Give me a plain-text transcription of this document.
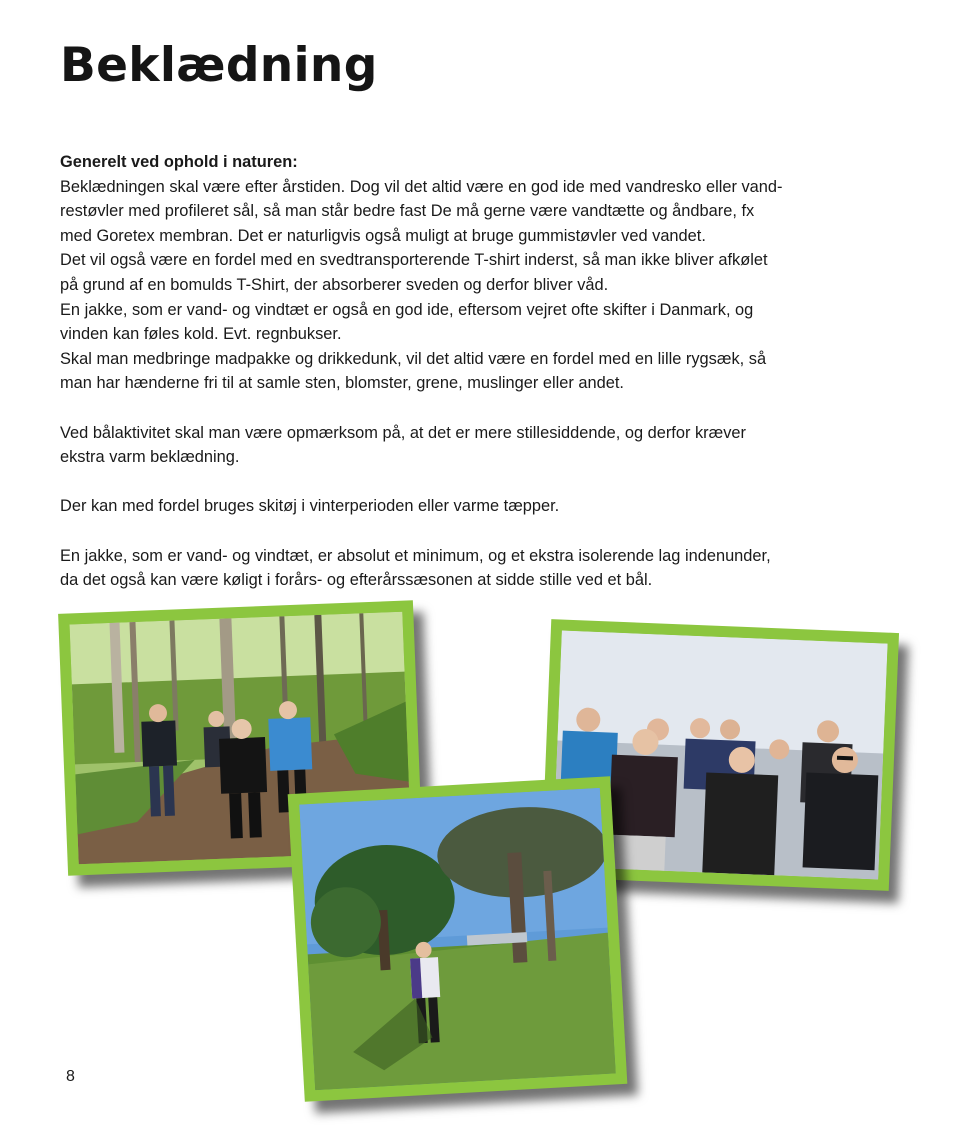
Beklædning

Generelt ved ophold i naturen:
Beklædningen skal være efter årstiden. Dog vil det altid være en god ide med vandresko eller vand-
restøvler med profileret sål, så man står bedre fast De må gerne være vandtætte og åndbare, fx
med Goretex membran. Det er naturligvis også muligt at bruge gummistøvler ved vandet.
Det vil også være en fordel med en svedtransporterende T-shirt inderst, så man ikke bliver afkølet
på grund af en bomulds T-Shirt, der absorberer sveden og derfor bliver våd.
En jakke, som er vand- og vindtæt er også en god ide, eftersom vejret ofte skifter i Danmark, og
vinden kan føles kold. Evt. regnbukser.
Skal man medbringe madpakke og drikkedunk, vil det altid være en fordel med en lille rygsæk, så
man har hænderne fri til at samle sten, blomster, grene, muslinger eller andet.

Ved bålaktivitet skal man være opmærksom på, at det er mere stillesiddende, og derfor kræver
ekstra varm beklædning.

Der kan med fordel bruges skitøj i vinterperioden eller varme tæpper.

En jakke, som er vand- og vindtæt, er absolut et minimum, og et ekstra isolerende lag indenunder,
da det også kan være køligt i forårs- og efterårssæsonen at sidde stille ved et bål.

8
